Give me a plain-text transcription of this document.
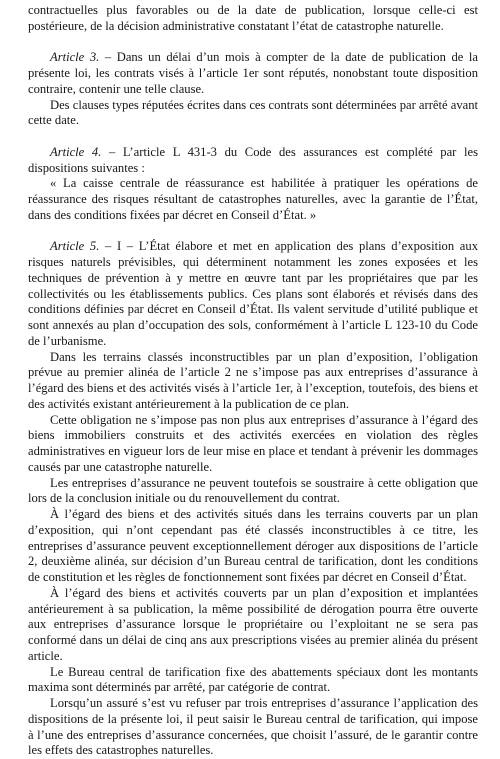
contractuelles plus favorables ou de la date de publication, lorsque celle-ci est postérieure, de la décision administrative constatant l’état de catastrophe naturelle.

Article 3. – Dans un délai d’un mois à compter de la date de publication de la présente loi, les contrats visés à l’article 1er sont réputés, nonobstant toute disposition contraire, contenir une telle clause.

Des clauses types réputées écrites dans ces contrats sont déterminées par arrêté avant cette date.

Article 4. – L’article L 431-3 du Code des assurances est complété par les dispositions suivantes :

« La caisse centrale de réassurance est habilitée à pratiquer les opérations de réassurance des risques résultant de catastrophes naturelles, avec la garantie de l’État, dans des conditions fixées par décret en Conseil d’État. »

Article 5. – I – L’État élabore et met en application des plans d’exposition aux risques naturels prévisibles, qui déterminent notamment les zones exposées et les techniques de prévention à y mettre en œuvre tant par les propriétaires que par les collectivités ou les établissements publics. Ces plans sont élaborés et révisés dans des conditions définies par décret en Conseil d’État. Ils valent servitude d’utilité publique et sont annexés au plan d’occupation des sols, conformément à l’article L 123-10 du Code de l’urbanisme.

Dans les terrains classés inconstructibles par un plan d’exposition, l’obligation prévue au premier alinéa de l’article 2 ne s’impose pas aux entreprises d’assurance à l’égard des biens et des activités visés à l’article 1er, à l’exception, toutefois, des biens et des activités existant antérieurement à la publication de ce plan.

Cette obligation ne s’impose pas non plus aux entreprises d’assurance à l’égard des biens immobiliers construits et des activités exercées en violation des règles administratives en vigueur lors de leur mise en place et tendant à prévenir les dommages causés par une catastrophe naturelle.

Les entreprises d’assurance ne peuvent toutefois se soustraire à cette obligation que lors de la conclusion initiale ou du renouvellement du contrat.

À l’égard des biens et des activités situés dans les terrains couverts par un plan d’exposition, qui n’ont cependant pas été classés inconstructibles à ce titre, les entreprises d’assurance peuvent exceptionnellement déroger aux dispositions de l’article 2, deuxième alinéa, sur décision d’un Bureau central de tarification, dont les conditions de constitution et les règles de fonctionnement sont fixées par décret en Conseil d’État.

À l’égard des biens et activités couverts par un plan d’exposition et implantées antérieurement à sa publication, la même possibilité de dérogation pourra être ouverte aux entreprises d’assurance lorsque le propriétaire ou l’exploitant ne se sera pas conformé dans un délai de cinq ans aux prescriptions visées au premier alinéa du présent article.

Le Bureau central de tarification fixe des abattements spéciaux dont les montants maxima sont déterminés par arrêté, par catégorie de contrat.

Lorsqu’un assuré s’est vu refuser par trois entreprises d’assurance l’application des dispositions de la présente loi, il peut saisir le Bureau central de tarification, qui impose à l’une des entreprises d’assurance concernées, que choisit l’assuré, de le garantir contre les effets des catastrophes naturelles.
